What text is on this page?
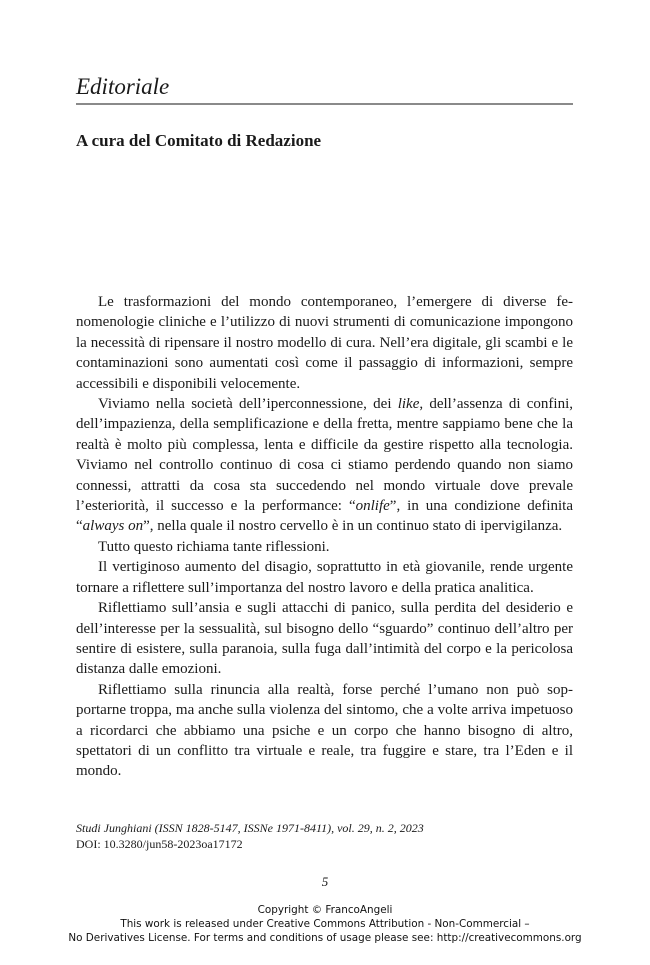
Editoriale
A cura del Comitato di Redazione

Le trasformazioni del mondo contemporaneo, l’emergere di diverse fenomenologie cliniche e l’utilizzo di nuovi strumenti di comunicazione impongono la necessità di ripensare il nostro modello di cura. Nell’era digitale, gli scambi e le contaminazioni sono aumentati così come il passaggio di informazioni, sempre accessibili e disponibili velocemente.

Viviamo nella società dell’iperconnessione, dei like, dell’assenza di confini, dell’impazienza, della semplificazione e della fretta, mentre sappiamo bene che la realtà è molto più complessa, lenta e difficile da gestire rispetto alla tecnologia. Viviamo nel controllo continuo di cosa ci stiamo perdendo quando non siamo connessi, attratti da cosa sta succedendo nel mondo virtuale dove prevale l’esteriorità, il successo e la performance: “onlife”, in una condizione definita “always on”, nella quale il nostro cervello è in un continuo stato di ipervigilanza.

Tutto questo richiama tante riflessioni.

Il vertiginoso aumento del disagio, soprattutto in età giovanile, rende urgente tornare a riflettere sull’importanza del nostro lavoro e della pratica analitica.

Riflettiamo sull’ansia e sugli attacchi di panico, sulla perdita del desiderio e dell’interesse per la sessualità, sul bisogno dello “sguardo” continuo dell’altro per sentire di esistere, sulla paranoia, sulla fuga dall’intimità del corpo e la pericolosa distanza dalle emozioni.

Riflettiamo sulla rinuncia alla realtà, forse perché l’umano non può sopportarne troppa, ma anche sulla violenza del sintomo, che a volte arriva impetuoso a ricordarci che abbiamo una psiche e un corpo che hanno bisogno di altro, spettatori di un conflitto tra virtuale e reale, tra fuggire e stare, tra l’Eden e il mondo.

Studi Junghiani (ISSN 1828-5147, ISSNe 1971-8411), vol. 29, n. 2, 2023
DOI: 10.3280/jun58-2023oa17172
5
Copyright © FrancoAngeli
This work is released under Creative Commons Attribution - Non-Commercial –
No Derivatives License. For terms and conditions of usage please see: http://creativecommons.org
